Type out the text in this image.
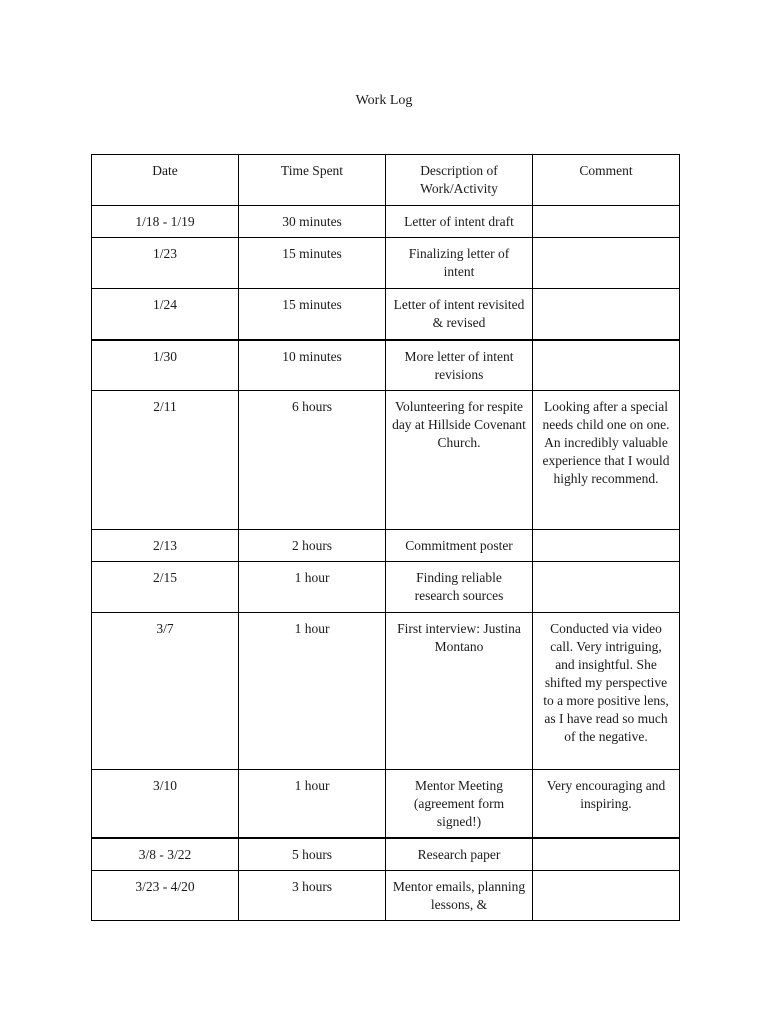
Work Log
Date	Time Spent	Description of Work/Activity	Comment
1/18 - 1/19	30 minutes	Letter of intent draft	
1/23	15 minutes	Finalizing letter of intent	
1/24	15 minutes	Letter of intent revisited & revised	
1/30	10 minutes	More letter of intent revisions	
2/11	6 hours	Volunteering for respite day at Hillside Covenant Church.	Looking after a special needs child one on one. An incredibly valuable experience that I would highly recommend.
2/13	2 hours	Commitment poster	
2/15	1 hour	Finding reliable research sources	
3/7	1 hour	First interview: Justina Montano	Conducted via video call. Very intriguing, and insightful. She shifted my perspective to a more positive lens, as I have read so much of the negative.
3/10	1 hour	Mentor Meeting (agreement form signed!)	Very encouraging and inspiring.
3/8 - 3/22	5 hours	Research paper	
3/23 - 4/20	3 hours	Mentor emails, planning lessons, &	
